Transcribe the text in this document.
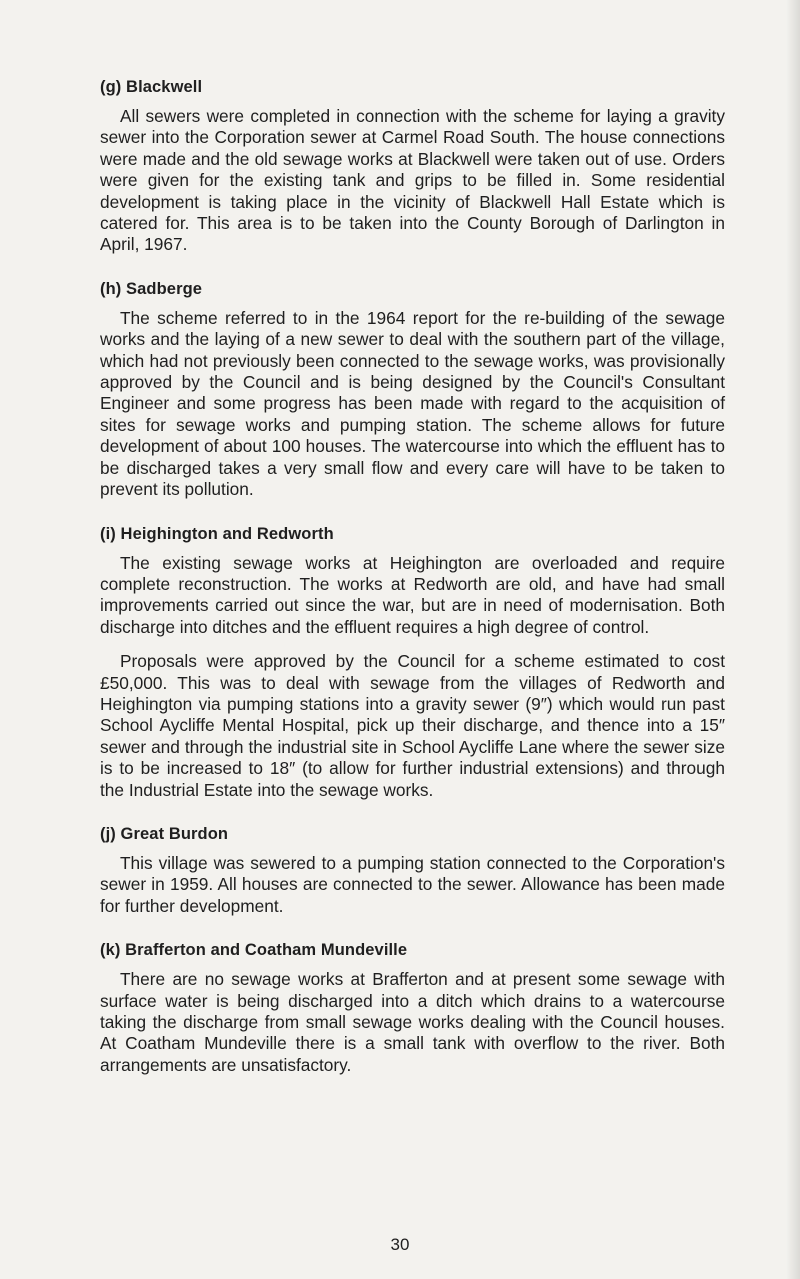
(g) Blackwell

All sewers were completed in connection with the scheme for laying a gravity sewer into the Corporation sewer at Carmel Road South. The house connections were made and the old sewage works at Blackwell were taken out of use. Orders were given for the existing tank and grips to be filled in. Some residential development is taking place in the vicinity of Blackwell Hall Estate which is catered for. This area is to be taken into the County Borough of Darlington in April, 1967.

(h) Sadberge

The scheme referred to in the 1964 report for the re-building of the sewage works and the laying of a new sewer to deal with the southern part of the village, which had not previously been connected to the sewage works, was provisionally approved by the Council and is being designed by the Council's Consultant Engineer and some progress has been made with regard to the acquisition of sites for sewage works and pumping station. The scheme allows for future development of about 100 houses. The watercourse into which the effluent has to be discharged takes a very small flow and every care will have to be taken to prevent its pollution.

(i) Heighington and Redworth

The existing sewage works at Heighington are overloaded and require complete reconstruction. The works at Redworth are old, and have had small improvements carried out since the war, but are in need of modernisation. Both discharge into ditches and the effluent requires a high degree of control.

Proposals were approved by the Council for a scheme estimated to cost £50,000. This was to deal with sewage from the villages of Redworth and Heighington via pumping stations into a gravity sewer (9″) which would run past School Aycliffe Mental Hospital, pick up their discharge, and thence into a 15″ sewer and through the industrial site in School Aycliffe Lane where the sewer size is to be increased to 18″ (to allow for further industrial extensions) and through the Industrial Estate into the sewage works.

(j) Great Burdon

This village was sewered to a pumping station connected to the Corporation's sewer in 1959. All houses are connected to the sewer. Allowance has been made for further development.

(k) Brafferton and Coatham Mundeville

There are no sewage works at Brafferton and at present some sewage with surface water is being discharged into a ditch which drains to a watercourse taking the discharge from small sewage works dealing with the Council houses. At Coatham Mundeville there is a small tank with overflow to the river. Both arrangements are unsatisfactory.

30
